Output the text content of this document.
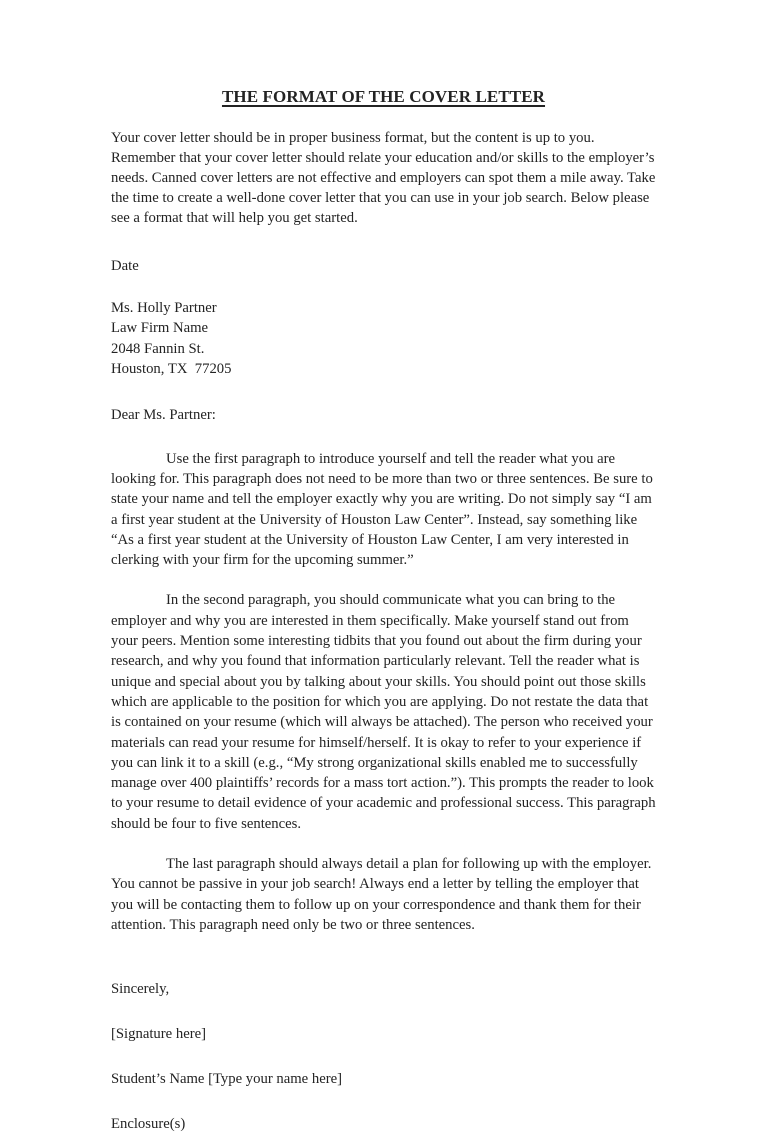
THE FORMAT OF THE COVER LETTER

Your cover letter should be in proper business format, but the content is up to you. Remember that your cover letter should relate your education and/or skills to the employer’s needs. Canned cover letters are not effective and employers can spot them a mile away. Take the time to create a well-done cover letter that you can use in your job search. Below please see a format that will help you get started.

Date

Ms. Holly Partner
Law Firm Name
2048 Fannin St.
Houston, TX  77205

Dear Ms. Partner:

Use the first paragraph to introduce yourself and tell the reader what you are looking for. This paragraph does not need to be more than two or three sentences. Be sure to state your name and tell the employer exactly why you are writing. Do not simply say “I am a first year student at the University of Houston Law Center”. Instead, say something like “As a first year student at the University of Houston Law Center, I am very interested in clerking with your firm for the upcoming summer.”

In the second paragraph, you should communicate what you can bring to the employer and why you are interested in them specifically. Make yourself stand out from your peers. Mention some interesting tidbits that you found out about the firm during your research, and why you found that information particularly relevant. Tell the reader what is unique and special about you by talking about your skills. You should point out those skills which are applicable to the position for which you are applying. Do not restate the data that is contained on your resume (which will always be attached). The person who received your materials can read your resume for himself/herself. It is okay to refer to your experience if you can link it to a skill (e.g., “My strong organizational skills enabled me to successfully manage over 400 plaintiffs’ records for a mass tort action.”). This prompts the reader to look to your resume to detail evidence of your academic and professional success. This paragraph should be four to five sentences.

The last paragraph should always detail a plan for following up with the employer. You cannot be passive in your job search! Always end a letter by telling the employer that you will be contacting them to follow up on your correspondence and thank them for their attention. This paragraph need only be two or three sentences.

Sincerely,
[Signature here]
Student’s Name [Type your name here]
Enclosure(s)
